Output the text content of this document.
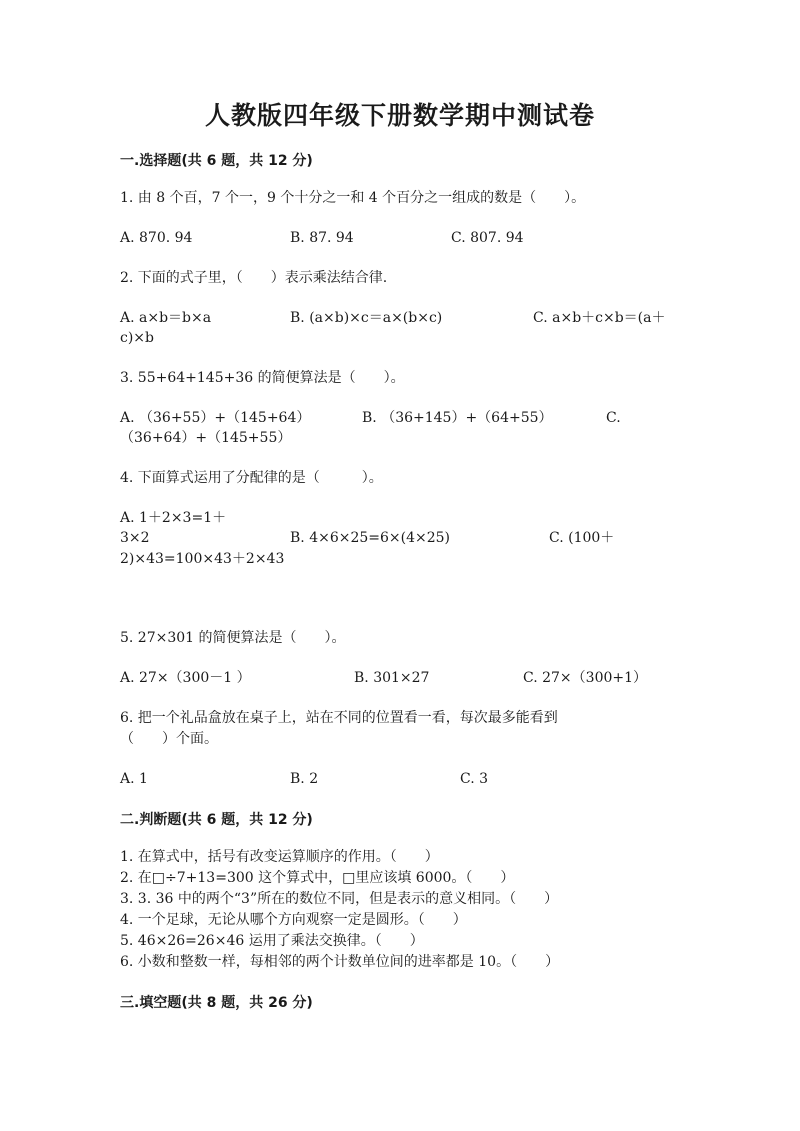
人教版四年级下册数学期中测试卷
一.选择题(共 6 题，共 12 分)
1. 由 8 个百，7 个一，9 个十分之一和 4 个百分之一组成的数是（　　）。
A. 870. 94	B. 87. 94	C. 807. 94
2. 下面的式子里，（　　）表示乘法结合律.
A. a×b＝b×a	B. (a×b)×c＝a×(b×c)	C. a×b＋c×b＝(a＋
c)×b
3. 55+64+145+36 的简便算法是（　　）。
A. （36+55）+（145+64）	B. （36+145）+（64+55）	C.
（36+64）+（145+55）
4. 下面算式运用了分配律的是（　　　）。
A. 1＋2×3=1＋
3×2	B. 4×6×25=6×(4×25)	C. (100＋
2)×43=100×43＋2×43
5. 27×301 的简便算法是（　　）。
A. 27×（300－1 ）	B. 301×27	C. 27×（300+1）
6. 把一个礼品盒放在桌子上，站在不同的位置看一看，每次最多能看到
（　　）个面。
A. 1	B. 2	C. 3
二.判断题(共 6 题，共 12 分)
1. 在算式中，括号有改变运算顺序的作用。（　　）
2. 在□÷7+13=300 这个算式中，□里应该填 6000。（　　）
3. 3. 36 中的两个“3”所在的数位不同，但是表示的意义相同。（　　）
4. 一个足球，无论从哪个方向观察一定是圆形。（　　）
5. 46×26=26×46 运用了乘法交换律。（　　）
6. 小数和整数一样，每相邻的两个计数单位间的进率都是 10。（　　）
三.填空题(共 8 题，共 26 分)
